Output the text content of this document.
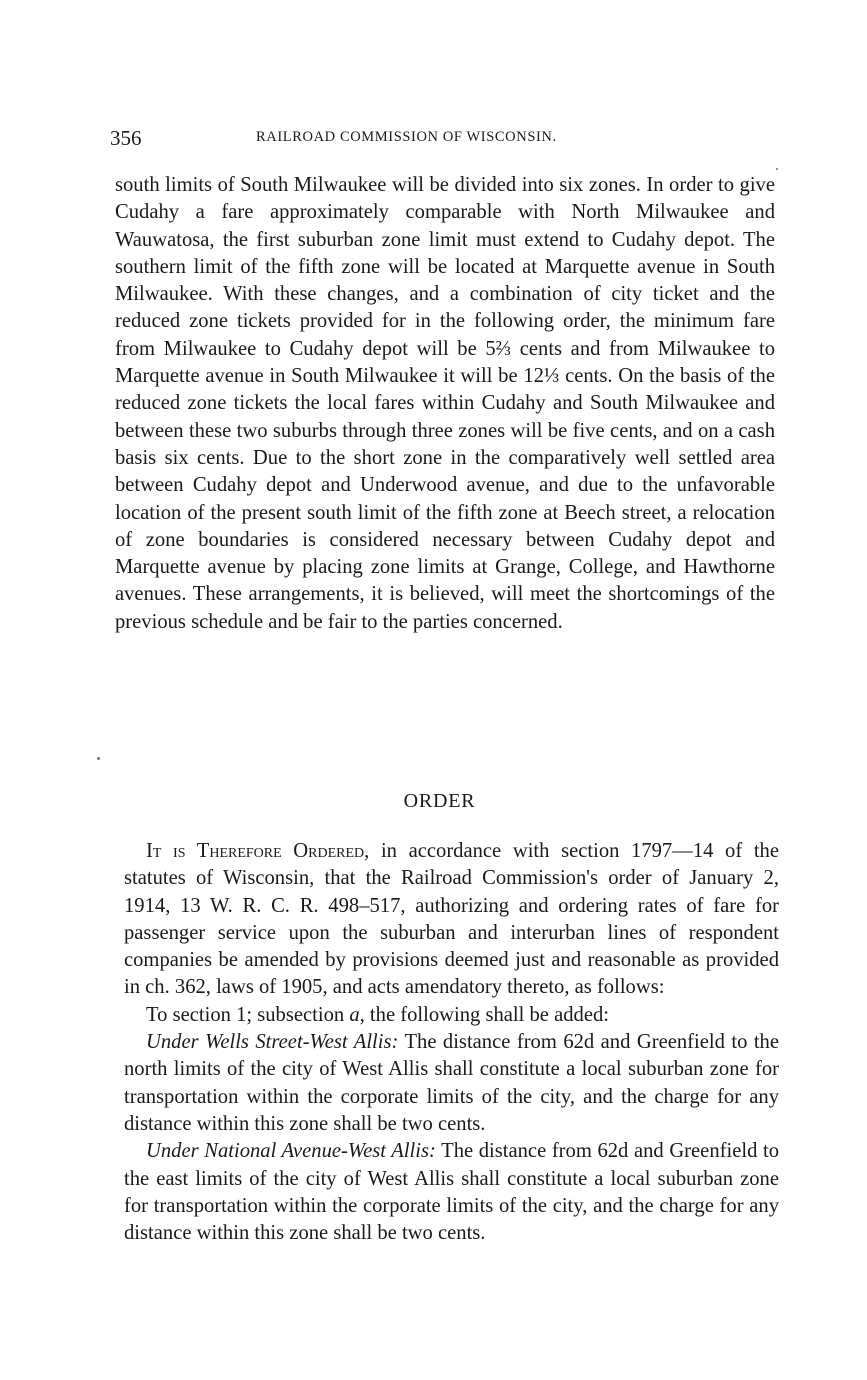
356	RAILROAD COMMISSION OF WISCONSIN.
south limits of South Milwaukee will be divided into six zones. In order to give Cudahy a fare approximately comparable with North Milwaukee and Wauwatosa, the first suburban zone limit must extend to Cudahy depot. The southern limit of the fifth zone will be located at Marquette avenue in South Milwaukee. With these changes, and a combination of city ticket and the reduced zone tickets provided for in the following order, the minimum fare from Milwaukee to Cudahy depot will be 5⅔ cents and from Milwaukee to Marquette avenue in South Milwaukee it will be 12⅓ cents. On the basis of the reduced zone tickets the local fares within Cudahy and South Milwaukee and between these two suburbs through three zones will be five cents, and on a cash basis six cents. Due to the short zone in the comparatively well settled area between Cudahy depot and Underwood avenue, and due to the unfavorable location of the present south limit of the fifth zone at Beech street, a relocation of zone boundaries is considered necessary between Cudahy depot and Marquette avenue by placing zone limits at Grange, College, and Hawthorne avenues. These arrangements, it is believed, will meet the shortcomings of the previous schedule and be fair to the parties concerned.
ORDER

It is Therefore Ordered, in accordance with section 1797—14 of the statutes of Wisconsin, that the Railroad Commission's order of January 2, 1914, 13 W. R. C. R. 498–517, authorizing and ordering rates of fare for passenger service upon the suburban and interurban lines of respondent companies be amended by provisions deemed just and reasonable as provided in ch. 362, laws of 1905, and acts amendatory thereto, as follows:

To section 1; subsection a, the following shall be added:

Under Wells Street-West Allis: The distance from 62d and Greenfield to the north limits of the city of West Allis shall constitute a local suburban zone for transportation within the corporate limits of the city, and the charge for any distance within this zone shall be two cents.

Under National Avenue-West Allis: The distance from 62d and Greenfield to the east limits of the city of West Allis shall constitute a local suburban zone for transportation within the corporate limits of the city, and the charge for any distance within this zone shall be two cents.
